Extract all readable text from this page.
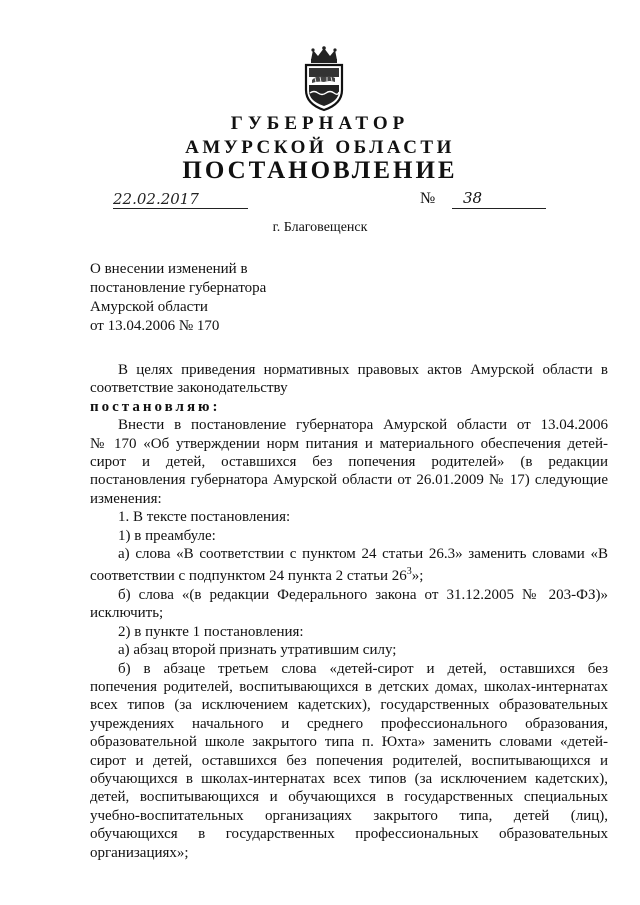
ГУБЕРНАТОР
АМУРСКОЙ ОБЛАСТИ
ПОСТАНОВЛЕНИЕ
22.02.2017	№ 38
г. Благовещенск
О внесении изменений в
постановление губернатора
Амурской области
от 13.04.2006 № 170
В целях приведения нормативных правовых актов Амурской области в
соответствие законодательству
постановляю:
Внести в постановление губернатора Амурской области от 13.04.2006
№ 170 «Об утверждении норм питания и материального обеспечения детей-
сирот и детей, оставшихся без попечения родителей» (в редакции
постановления губернатора Амурской области от 26.01.2009 № 17) следующие
изменения:
1. В тексте постановления:
1) в преамбуле:
а) слова «В соответствии с пунктом 24 статьи 26.3» заменить словами «В
соответствии с подпунктом 24 пункта 2 статьи $26^3$»;
б) слова «(в редакции Федерального закона от 31.12.2005 № 203-ФЗ)»
исключить;
2) в пункте 1 постановления:
а) абзац второй признать утратившим силу;
б) в абзаце третьем слова «детей-сирот и детей, оставшихся без
попечения родителей, воспитывающихся в детских домах, школах-интернатах
всех типов (за исключением кадетских), государственных образовательных
учреждениях начального и среднего профессионального образования,
образовательной школе закрытого типа п. Юхта» заменить словами «детей-
сирот и детей, оставшихся без попечения родителей, воспитывающихся и
обучающихся в школах-интернатах всех типов (за исключением кадетских),
детей, воспитывающихся и обучающихся в государственных специальных
учебно-воспитательных организациях закрытого типа, детей (лиц),
обучающихся в государственных профессиональных образовательных
организациях»;
